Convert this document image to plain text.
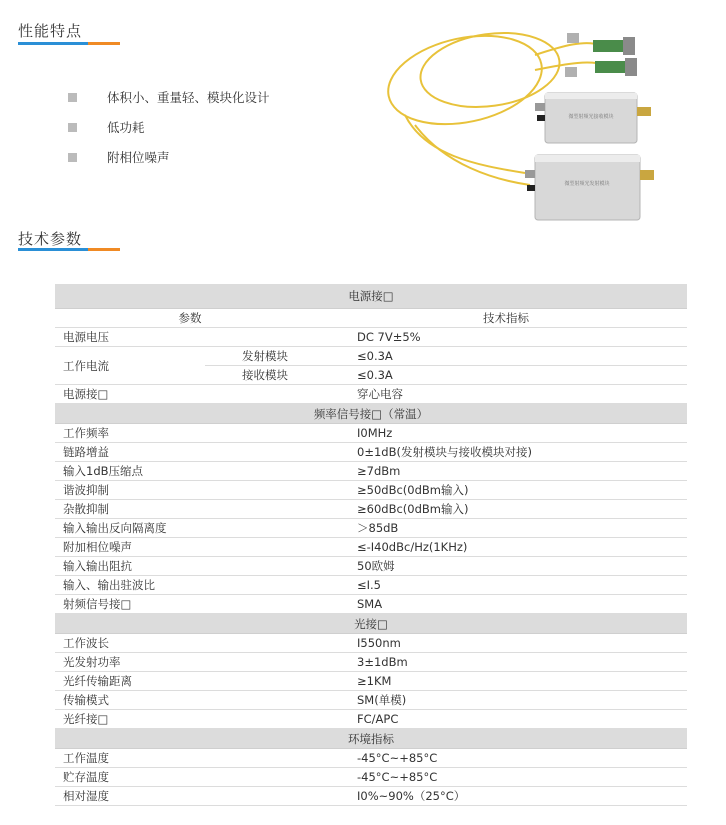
性能特点
体积小、重量轻、模块化设计
低功耗
附相位噪声
微型射频光接收模块
微型射频光发射模块
技术参数
电源接□		
参数		技术指标
电源电压		DC 7V±5%
工作电流	发射模块	≤0.3A
	接收模块	≤0.3A
电源接□		穿心电容
频率信号接□（常温）		
工作频率		I0MHz
链路增益		0±1dB(发射模块与接收模块对接)
输入1dB压缩点		≥7dBm
谐波抑制		≥50dBc(0dBm输入)
杂散抑制		≥60dBc(0dBm输入)
输入输出反向隔离度		＞85dB
附加相位噪声		≤-I40dBc/Hz(1KHz)
输入输出阻抗		50欧姆
输入、输出驻波比		≤I.5
射频信号接□		SMA
光接□		
工作波长		I550nm
光发射功率		3±1dBm
光纤传输距离		≥1KM
传输模式		SM(单模)
光纤接□		FC/APC
环境指标		
工作温度		-45°C~+85°C
贮存温度		-45°C~+85°C
相对湿度		I0%~90%（25°C）
